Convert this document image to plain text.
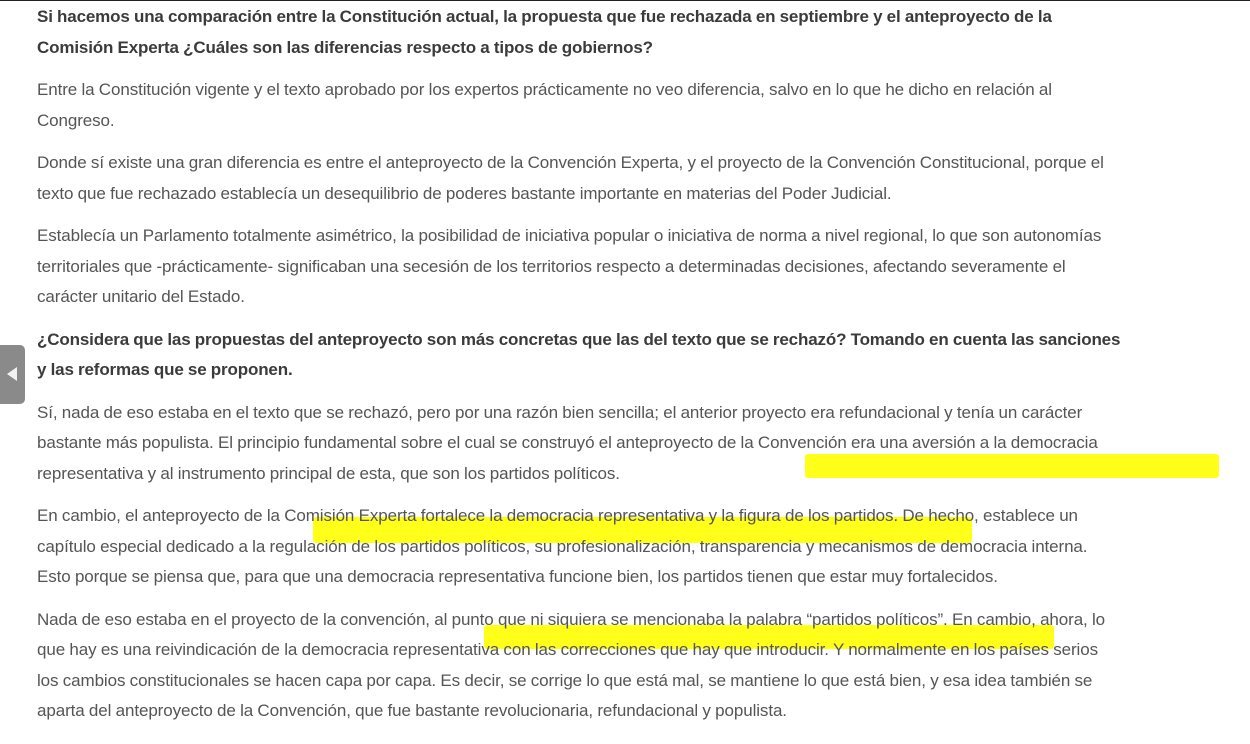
Si hacemos una comparación entre la Constitución actual, la propuesta que fue rechazada en septiembre y el anteproyecto de la
Comisión Experta ¿Cuáles son las diferencias respecto a tipos de gobiernos?

Entre la Constitución vigente y el texto aprobado por los expertos prácticamente no veo diferencia, salvo en lo que he dicho en relación al
Congreso.

Donde sí existe una gran diferencia es entre el anteproyecto de la Convención Experta, y el proyecto de la Convención Constitucional, porque el
texto que fue rechazado establecía un desequilibrio de poderes bastante importante en materias del Poder Judicial.

Establecía un Parlamento totalmente asimétrico, la posibilidad de iniciativa popular o iniciativa de norma a nivel regional, lo que son autonomías
territoriales que -prácticamente- significaban una secesión de los territorios respecto a determinadas decisiones, afectando severamente el
carácter unitario del Estado.

¿Considera que las propuestas del anteproyecto son más concretas que las del texto que se rechazó? Tomando en cuenta las sanciones
y las reformas que se proponen.

Sí, nada de eso estaba en el texto que se rechazó, pero por una razón bien sencilla; el anterior proyecto era refundacional y tenía un carácter
bastante más populista. El principio fundamental sobre el cual se construyó el anteproyecto de la Convención era una aversión a la democracia
representativa y al instrumento principal de esta, que son los partidos políticos.

En cambio, el anteproyecto de la Comisión Experta fortalece la democracia representativa y la figura de los partidos. De hecho, establece un
capítulo especial dedicado a la regulación de los partidos políticos, su profesionalización, transparencia y mecanismos de democracia interna.
Esto porque se piensa que, para que una democracia representativa funcione bien, los partidos tienen que estar muy fortalecidos.

Nada de eso estaba en el proyecto de la convención, al punto que ni siquiera se mencionaba la palabra “partidos políticos”. En cambio, ahora, lo
que hay es una reivindicación de la democracia representativa con las correcciones que hay que introducir. Y normalmente en los países serios
los cambios constitucionales se hacen capa por capa. Es decir, se corrige lo que está mal, se mantiene lo que está bien, y esa idea también se
aparta del anteproyecto de la Convención, que fue bastante revolucionaria, refundacional y populista.
